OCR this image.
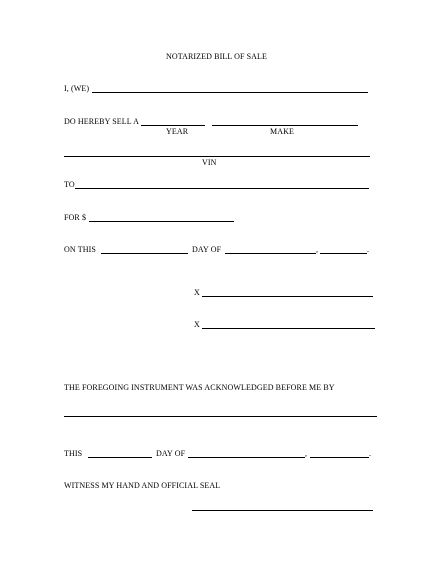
NOTARIZED BILL OF SALE
I, (WE)
DO HEREBY SELL A
YEAR	MAKE
VIN
TO
FOR $
ON THIS	DAY OF	,	.
X
X
THE FOREGOING INSTRUMENT WAS ACKNOWLEDGED BEFORE ME BY
THIS	DAY OF	,	.
WITNESS MY HAND AND OFFICIAL SEAL
